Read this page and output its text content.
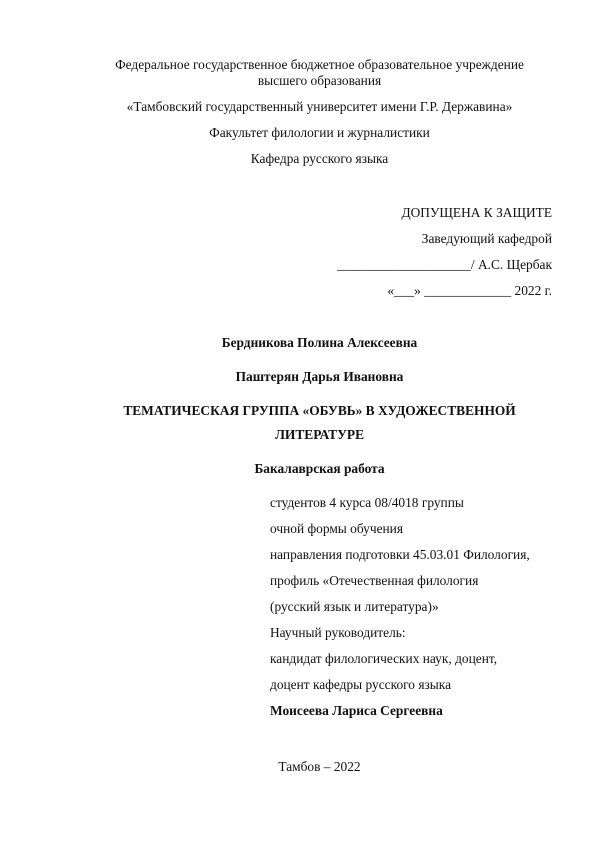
Федеральное государственное бюджетное образовательное учреждение
высшего образования
«Тамбовский государственный университет имени Г.Р. Державина»
Факультет филологии и журналистики
Кафедра русского языка
ДОПУЩЕНА К ЗАЩИТЕ
Заведующий кафедрой
____________________/ А.С. Щербак
«___» _____________ 2022 г.
Бердникова Полина Алексеевна
Паштерян Дарья Ивановна
ТЕМАТИЧЕСКАЯ ГРУППА «ОБУВЬ» В ХУДОЖЕСТВЕННОЙ
ЛИТЕРАТУРЕ
Бакалаврская работа
студентов 4 курса 08/4018 группы
очной формы обучения
направления подготовки 45.03.01 Филология,
профиль «Отечественная филология
(русский язык и литература)»
Научный руководитель:
кандидат филологических наук, доцент,
доцент кафедры русского языка
Моисеева Лариса Сергеевна
Тамбов – 2022
